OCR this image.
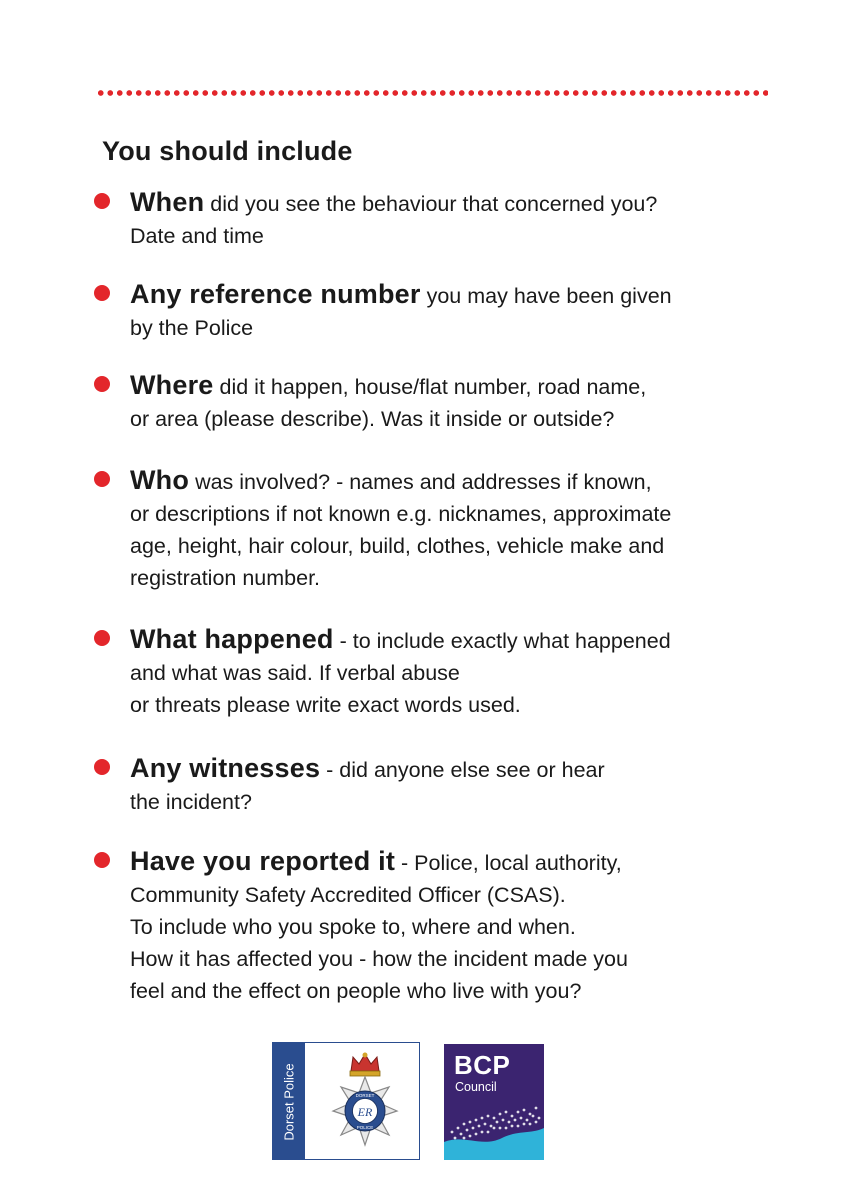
You should include
When did you see the behaviour that concerned you?
Date and time
Any reference number you may have been given
by the Police
Where did it happen, house/flat number, road name,
or area (please describe). Was it inside or outside?
Who was involved? - names and addresses if known,
or descriptions if not known e.g. nicknames, approximate
age, height, hair colour, build, clothes, vehicle make and
registration number.
What happened - to include exactly what happened
and what was said. If verbal abuse
or threats please write exact words used.
Any witnesses - did anyone else see or hear
the incident?
Have you reported it - Police, local authority,
Community Safety Accredited Officer (CSAS).
To include who you spoke to, where and when.
How it has affected you - how the incident made you
feel and the effect on people who live with you?
Dorset Police	ER
DORSET
POLICE
BCP
Council
